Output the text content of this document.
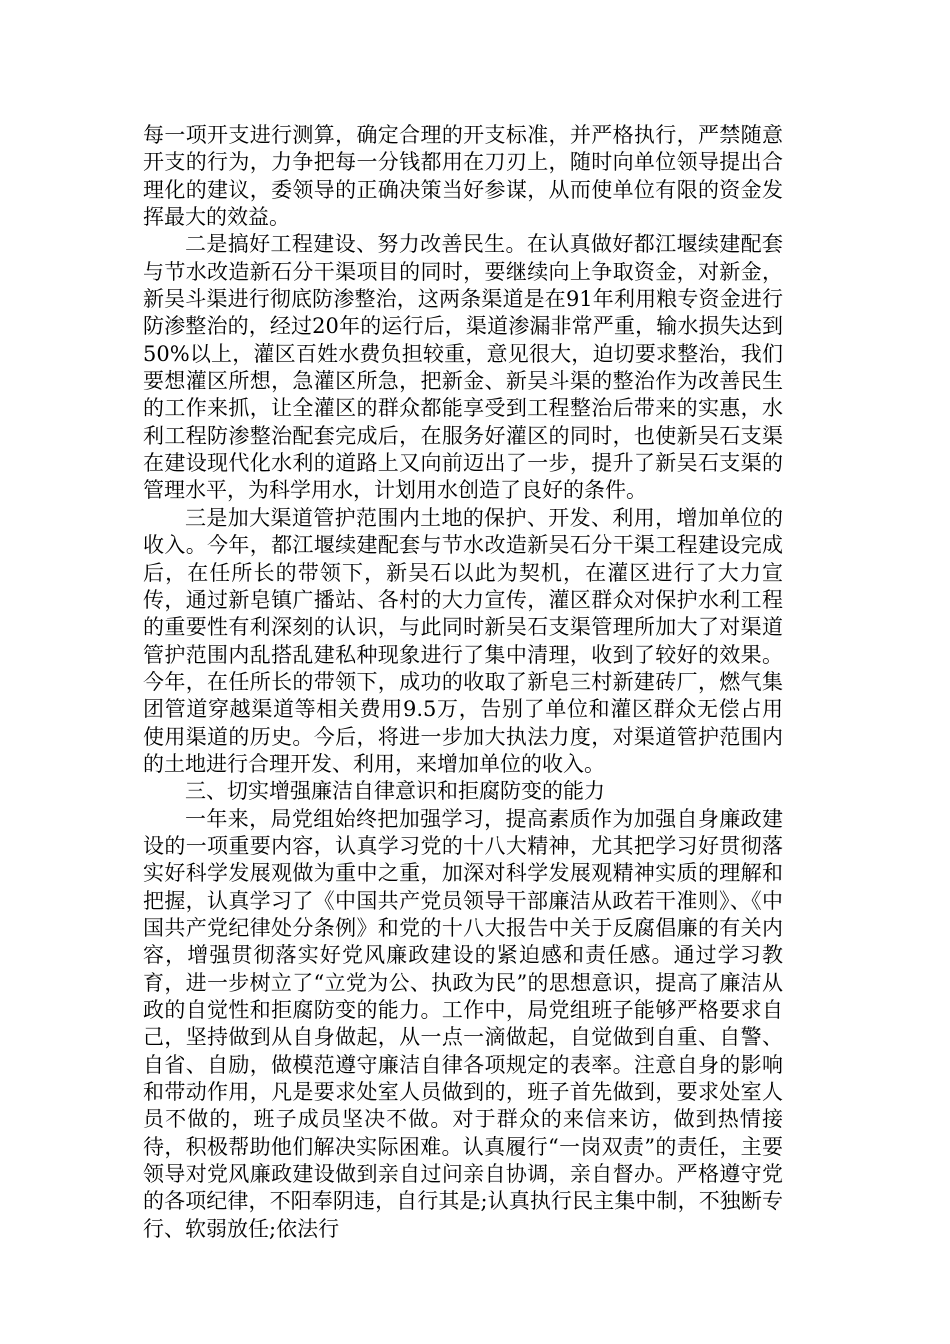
每一项开支进行测算，确定合理的开支标准，并严格执行，严禁随意开支的行为，力争把每一分钱都用在刀刃上，随时向单位领导提出合理化的建议，委领导的正确决策当好参谋，从而使单位有限的资金发挥最大的效益。

二是搞好工程建设、努力改善民生。在认真做好都江堰续建配套与节水改造新石分干渠项目的同时，要继续向上争取资金，对新金，新吴斗渠进行彻底防渗整治，这两条渠道是在91年利用粮专资金进行防渗整治的，经过20年的运行后，渠道渗漏非常严重，输水损失达到50%以上，灌区百姓水费负担较重，意见很大，迫切要求整治，我们要想灌区所想，急灌区所急，把新金、新吴斗渠的整治作为改善民生的工作来抓，让全灌区的群众都能享受到工程整治后带来的实惠，水利工程防渗整治配套完成后，在服务好灌区的同时，也使新吴石支渠在建设现代化水利的道路上又向前迈出了一步，提升了新吴石支渠的管理水平，为科学用水，计划用水创造了良好的条件。

三是加大渠道管护范围内土地的保护、开发、利用，增加单位的收入。今年，都江堰续建配套与节水改造新吴石分干渠工程建设完成后，在任所长的带领下，新吴石以此为契机，在灌区进行了大力宣传，通过新皂镇广播站、各村的大力宣传，灌区群众对保护水利工程的重要性有利深刻的认识，与此同时新吴石支渠管理所加大了对渠道管护范围内乱搭乱建私种现象进行了集中清理，收到了较好的效果。今年，在任所长的带领下，成功的收取了新皂三村新建砖厂，燃气集团管道穿越渠道等相关费用9.5万，告别了单位和灌区群众无偿占用使用渠道的历史。今后，将进一步加大执法力度，对渠道管护范围内的土地进行合理开发、利用，来增加单位的收入。

三、切实增强廉洁自律意识和拒腐防变的能力

一年来，局党组始终把加强学习，提高素质作为加强自身廉政建设的一项重要内容，认真学习党的十八大精神，尤其把学习好贯彻落实好科学发展观做为重中之重，加深对科学发展观精神实质的理解和把握，认真学习了《中国共产党员领导干部廉洁从政若干准则》、《中国共产党纪律处分条例》和党的十八大报告中关于反腐倡廉的有关内容，增强贯彻落实好党风廉政建设的紧迫感和责任感。通过学习教育，进一步树立了“立党为公、执政为民”的思想意识，提高了廉洁从政的自觉性和拒腐防变的能力。工作中，局党组班子能够严格要求自己，坚持做到从自身做起，从一点一滴做起，自觉做到自重、自警、自省、自励，做模范遵守廉洁自律各项规定的表率。注意自身的影响和带动作用，凡是要求处室人员做到的，班子首先做到，要求处室人员不做的，班子成员坚决不做。对于群众的来信来访，做到热情接待，积极帮助他们解决实际困难。认真履行“一岗双责”的责任，主要领导对党风廉政建设做到亲自过问亲自协调，亲自督办。严格遵守党的各项纪律，不阳奉阴违，自行其是;认真执行民主集中制，不独断专行、软弱放任;依法行
